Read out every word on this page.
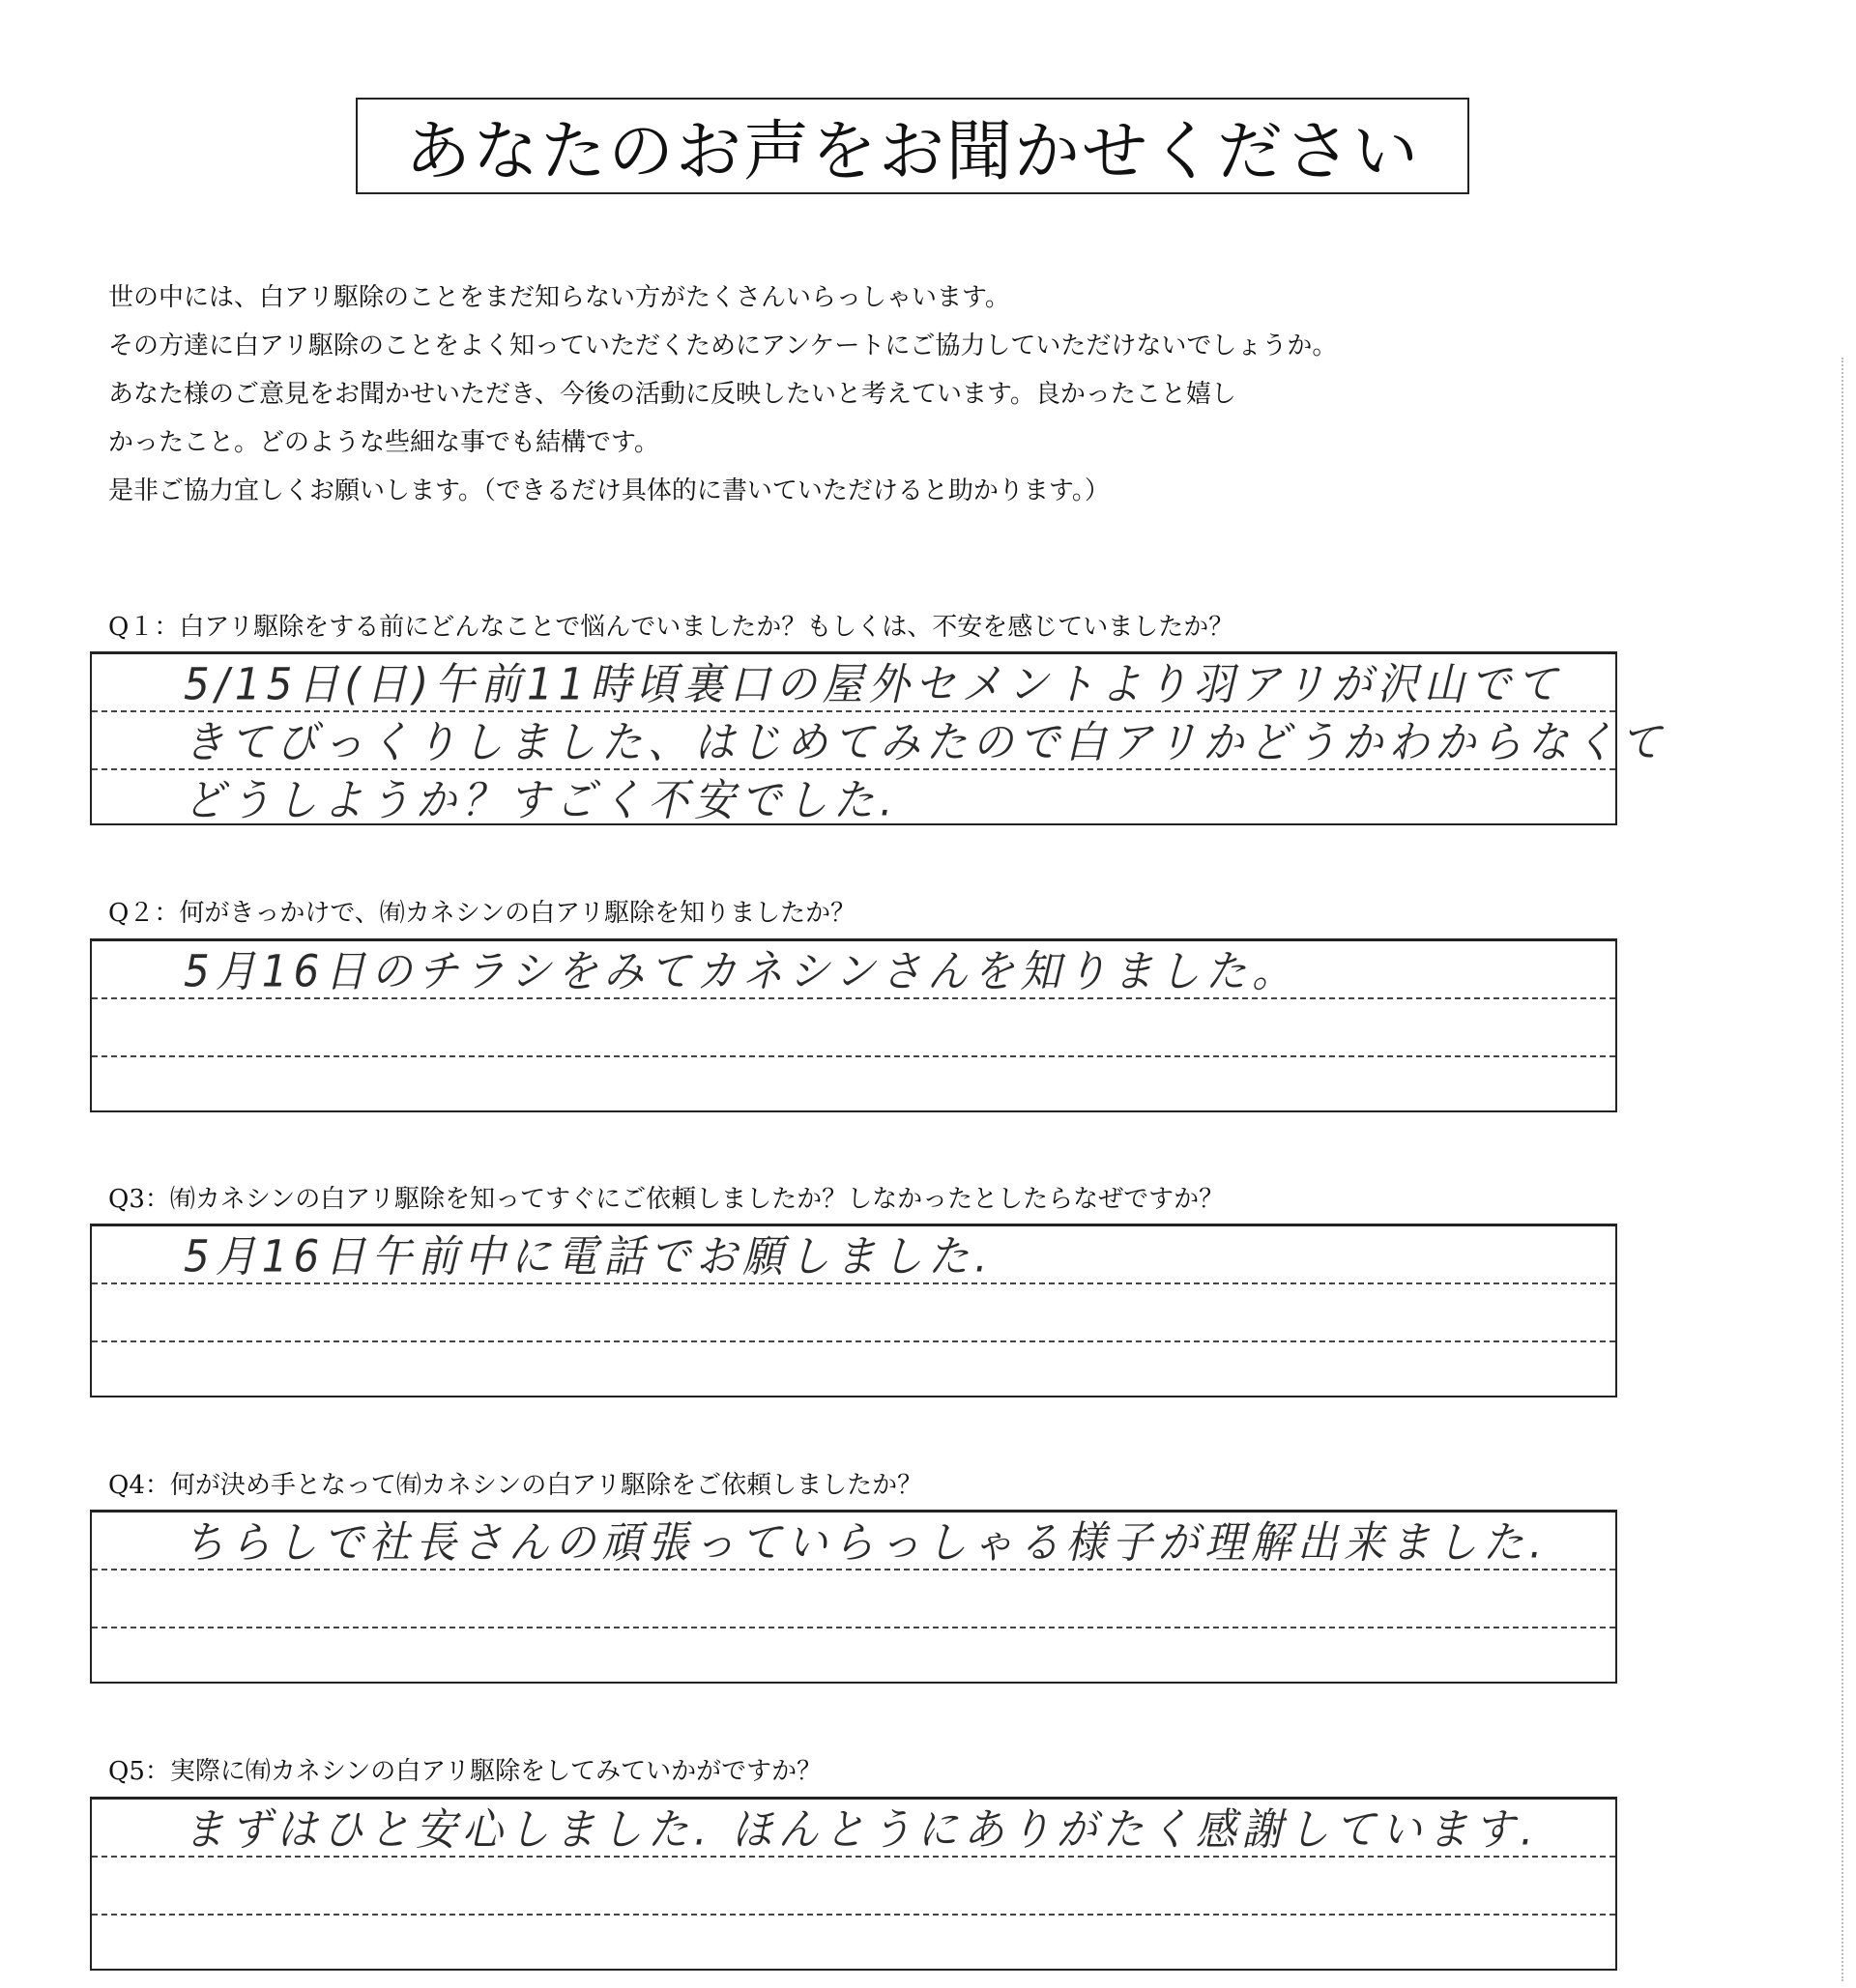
あなたのお声をお聞かせください
世の中には、白アリ駆除のことをまだ知らない方がたくさんいらっしゃいます。
その方達に白アリ駆除のことをよく知っていただくためにアンケートにご協力していただけないでしょうか。
あなた様のご意見をお聞かせいただき、今後の活動に反映したいと考えています。良かったこと嬉し
かったこと。どのような些細な事でも結構です。
是非ご協力宜しくお願いします。（できるだけ具体的に書いていただけると助かります。）
Q１：白アリ駆除をする前にどんなことで悩んでいましたか？もしくは、不安を感じていましたか？
5/15日(日)午前11時頃裏口の屋外セメントより羽アリが沢山でて
きてびっくりしました、はじめてみたので白アリかどうかわからなくて
どうしようか？すごく不安でした.
Q２：何がきっかけで、㈲カネシンの白アリ駆除を知りましたか？
5月16日のチラシをみてカネシンさんを知りました。
Q3：㈲カネシンの白アリ駆除を知ってすぐにご依頼しましたか？しなかったとしたらなぜですか？
5月16日午前中に電話でお願しました.
Q4：何が決め手となって㈲カネシンの白アリ駆除をご依頼しましたか？
ちらしで社長さんの頑張っていらっしゃる様子が理解出来ました.
Q5：実際に㈲カネシンの白アリ駆除をしてみていかがですか？
まずはひと安心しました. ほんとうにありがたく感謝しています.
